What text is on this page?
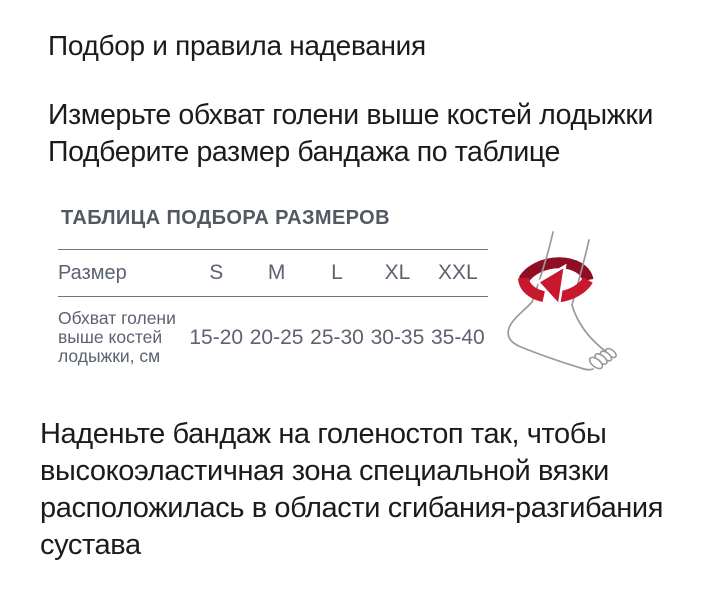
Подбор и правила надевания
Измерьте обхват голени выше костей лодыжки
Подберите размер бандажа по таблице
ТАБЛИЦА ПОДБОРА РАЗМЕРОВ
Размер	S	M	L	XL	XXL
Обхват голени
выше костей
лодыжки, см
15-20 20-25 25-30 30-35 35-40
Наденьте бандаж на голеностоп так, чтобы
высокоэластичная зона специальной вязки
расположилась в области сгибания-разгибания
сустава
